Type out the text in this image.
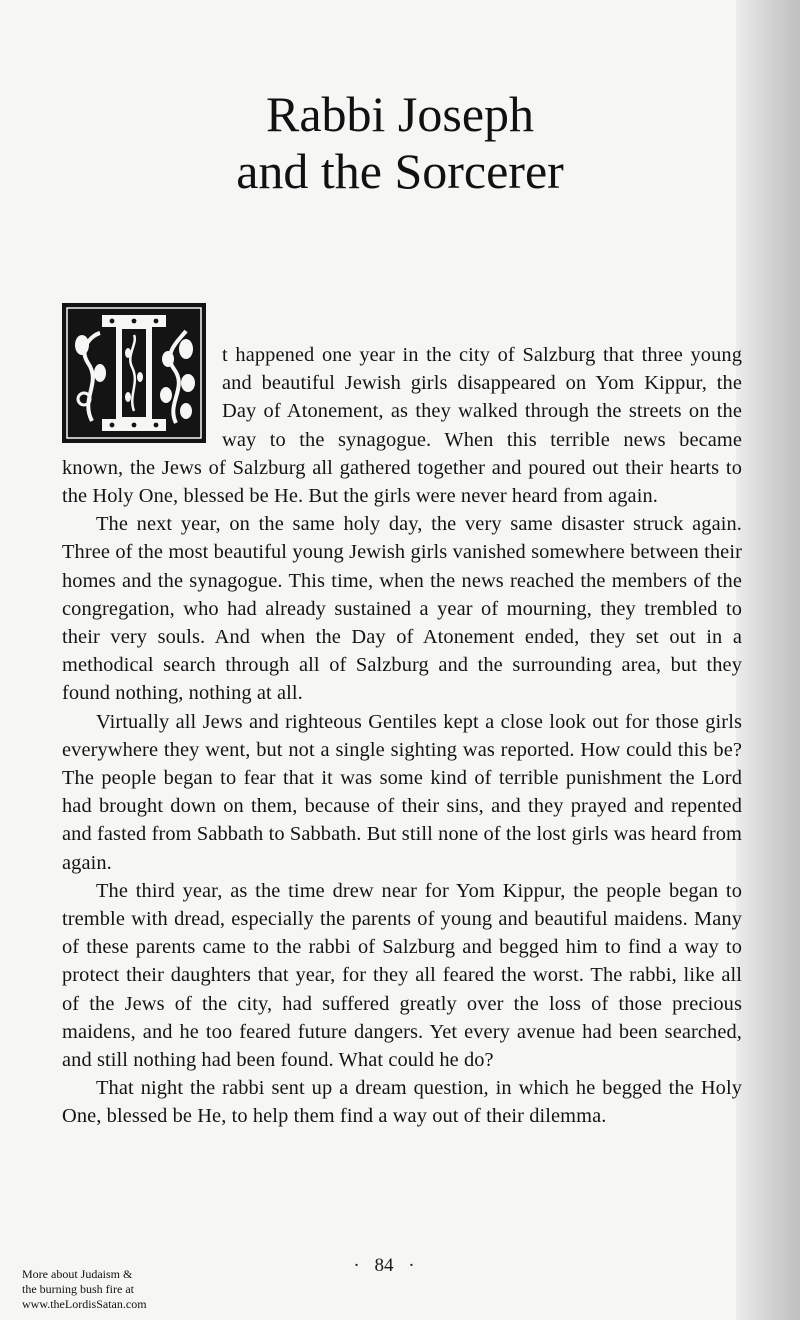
Rabbi Joseph
and the Sorcerer

t happened one year in the city of Salzburg that three young and beautiful Jewish girls disappeared on Yom Kippur, the Day of Atonement, as they walked through the streets on the way to the synagogue. When this terrible news became known, the Jews of Salzburg all gathered together and poured out their hearts to the Holy One, blessed be He. But the girls were never heard from again.

The next year, on the same holy day, the very same disaster struck again. Three of the most beautiful young Jewish girls vanished somewhere between their homes and the synagogue. This time, when the news reached the members of the congregation, who had already sustained a year of mourning, they trembled to their very souls. And when the Day of Atonement ended, they set out in a methodical search through all of Salzburg and the surrounding area, but they found nothing, nothing at all.

Virtually all Jews and righteous Gentiles kept a close look out for those girls everywhere they went, but not a single sighting was reported. How could this be? The people began to fear that it was some kind of terrible punishment the Lord had brought down on them, because of their sins, and they prayed and repented and fasted from Sabbath to Sabbath. But still none of the lost girls was heard from again.

The third year, as the time drew near for Yom Kippur, the people began to tremble with dread, especially the parents of young and beautiful maidens. Many of these parents came to the rabbi of Salzburg and begged him to find a way to protect their daughters that year, for they all feared the worst. The rabbi, like all of the Jews of the city, had suffered greatly over the loss of those precious maidens, and he too feared future dangers. Yet every avenue had been searched, and still nothing had been found. What could he do?

That night the rabbi sent up a dream question, in which he begged the Holy One, blessed be He, to help them find a way out of their dilemma.

· 84 ·
More about Judaism &
the burning bush fire at
www.theLordisSatan.com
